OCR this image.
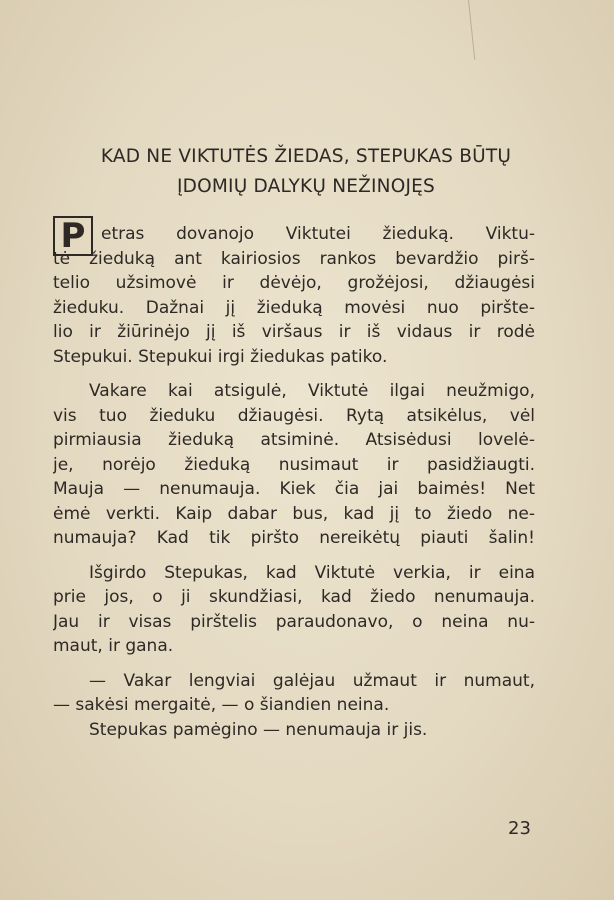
KAD NE VIKTUTĖS ŽIEDAS, STEPUKAS BŪTŲ
ĮDOMIŲ DALYKŲ NEŽINOJĘS
P etras dovanojo Viktutei žieduką. Viktu-
tė žieduką ant kairiosios rankos bevardžio pirš-
telio užsimovė ir dėvėjo, grožėjosi, džiaugėsi
žieduku. Dažnai jį žieduką movėsi nuo piršte-
lio ir žiūrinėjo jį iš viršaus ir iš vidaus ir rodė
Stepukui. Stepukui irgi žiedukas patiko.
Vakare kai atsigulė, Viktutė ilgai neužmigo,
vis tuo žieduku džiaugėsi. Rytą atsikėlus, vėl
pirmiausia žieduką atsiminė. Atsisėdusi lovelė-
je, norėjo žieduką nusimaut ir pasidžiaugti.
Mauja — nenumauja. Kiek čia jai baimės! Net
ėmė verkti. Kaip dabar bus, kad jį to žiedo ne-
numauja? Kad tik piršto nereikėtų piauti šalin!
Išgirdo Stepukas, kad Viktutė verkia, ir eina
prie jos, o ji skundžiasi, kad žiedo nenumauja.
Jau ir visas pirštelis paraudonavo, o neina nu-
maut, ir gana.
— Vakar lengviai galėjau užmaut ir numaut,
— sakėsi mergaitė, — o šiandien neina.
Stepukas pamėgino — nenumauja ir jis.
23
